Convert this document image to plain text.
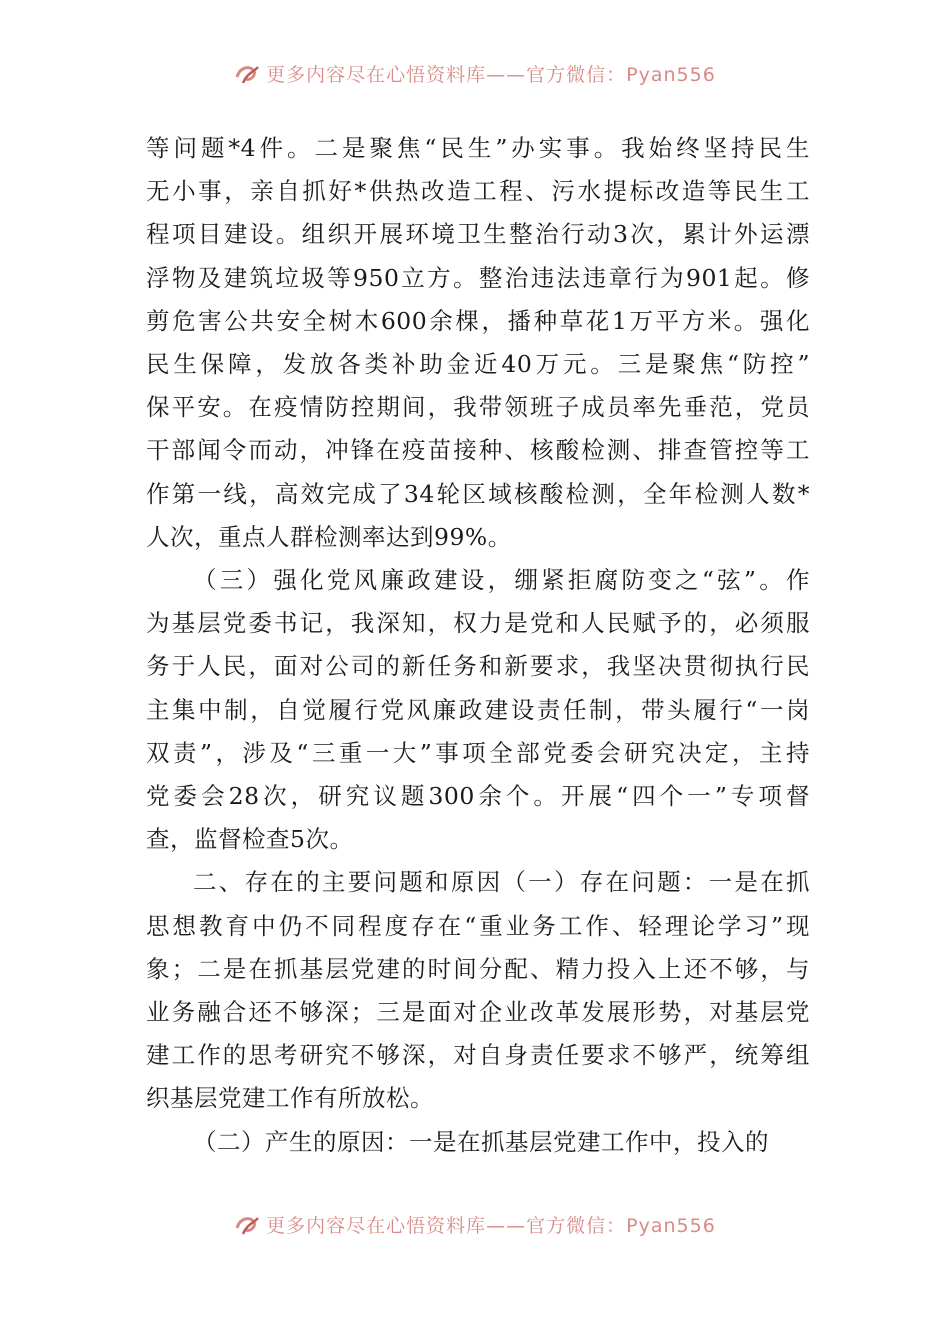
更多内容尽在心悟资料库——官方微信：Pyan556
等问题*4件。二是聚焦“民生”办实事。我始终坚持民生
无小事，亲自抓好*供热改造工程、污水提标改造等民生工
程项目建设。组织开展环境卫生整治行动3次，累计外运漂
浮物及建筑垃圾等950立方。整治违法违章行为901起。修
剪危害公共安全树木600余棵，播种草花1万平方米。强化
民生保障，发放各类补助金近40万元。三是聚焦“防控”
保平安。在疫情防控期间，我带领班子成员率先垂范，党员
干部闻令而动，冲锋在疫苗接种、核酸检测、排查管控等工
作第一线，高效完成了34轮区域核酸检测，全年检测人数*
人次，重点人群检测率达到99%。
（三）强化党风廉政建设，绷紧拒腐防变之“弦”。作
为基层党委书记，我深知，权力是党和人民赋予的，必须服
务于人民，面对公司的新任务和新要求，我坚决贯彻执行民
主集中制，自觉履行党风廉政建设责任制，带头履行“一岗
双责”，涉及“三重一大”事项全部党委会研究决定，主持
党委会28次，研究议题300余个。开展“四个一”专项督
查，监督检查5次。
二、存在的主要问题和原因（一）存在问题：一是在抓
思想教育中仍不同程度存在“重业务工作、轻理论学习”现
象；二是在抓基层党建的时间分配、精力投入上还不够，与
业务融合还不够深；三是面对企业改革发展形势，对基层党
建工作的思考研究不够深，对自身责任要求不够严，统筹组
织基层党建工作有所放松。
（二）产生的原因：一是在抓基层党建工作中，投入的
更多内容尽在心悟资料库——官方微信：Pyan556
